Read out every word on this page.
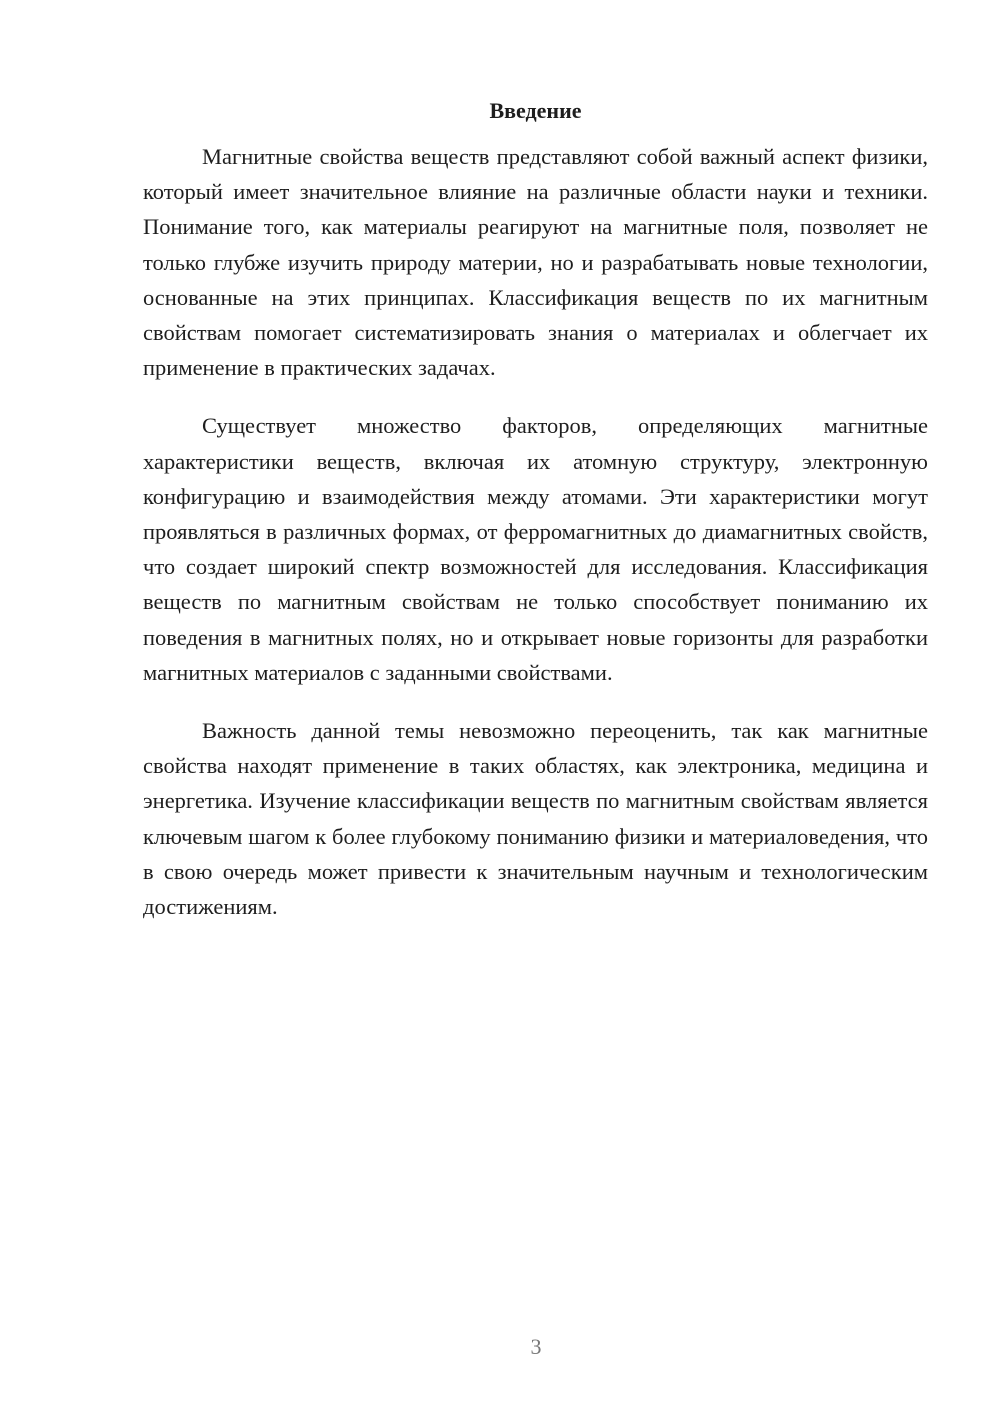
Введение

Магнитные свойства веществ представляют собой важный аспект физики, который имеет значительное влияние на различные области науки и техники. Понимание того, как материалы реагируют на магнитные поля, позволяет не только глубже изучить природу материи, но и разрабатывать новые технологии, основанные на этих принципах. Классификация веществ по их магнитным свойствам помогает систематизировать знания о материалах и облегчает их применение в практических задачах.

Существует множество факторов, определяющих магнитные характеристики веществ, включая их атомную структуру, электронную конфигурацию и взаимодействия между атомами. Эти характеристики могут проявляться в различных формах, от ферромагнитных до диамагнитных свойств, что создает широкий спектр возможностей для исследования. Классификация веществ по магнитным свойствам не только способствует пониманию их поведения в магнитных полях, но и открывает новые горизонты для разработки магнитных материалов с заданными свойствами.

Важность данной темы невозможно переоценить, так как магнитные свойства находят применение в таких областях, как электроника, медицина и энергетика. Изучение классификации веществ по магнитным свойствам является ключевым шагом к более глубокому пониманию физики и материаловедения, что в свою очередь может привести к значительным научным и технологическим достижениям.

3
